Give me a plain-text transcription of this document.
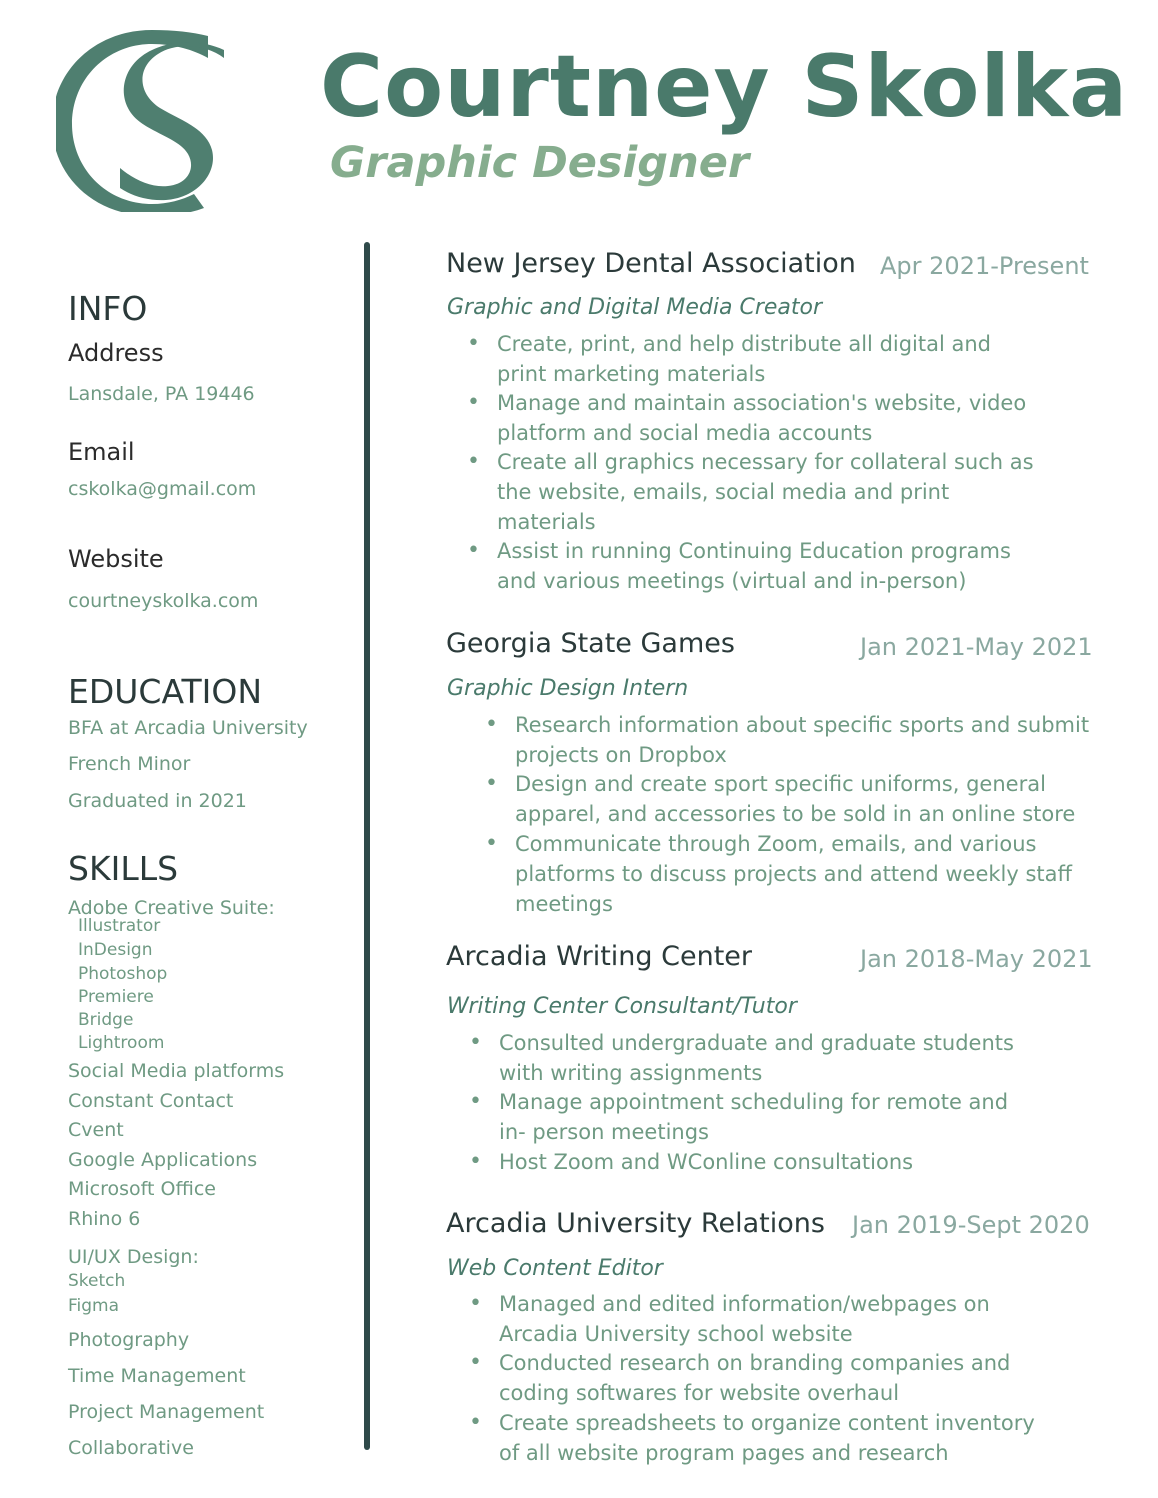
Courtney Skolka
Graphic Designer
INFO
Address
Lansdale, PA 19446
Email
cskolka@gmail.com
Website
courtneyskolka.com
EDUCATION
BFA at Arcadia University
French Minor
Graduated in 2021
SKILLS
Adobe Creative Suite:
Illustrator
InDesign
Photoshop
Premiere
Bridge
Lightroom
Social Media platforms
Constant Contact
Cvent
Google Applications
Microsoft Office
Rhino 6
UI/UX Design:
Sketch
Figma
Photography
Time Management
Project Management
Collaborative
New Jersey Dental Association Apr 2021-Present
Graphic and Digital Media Creator
• Create, print, and help distribute all digital and
print marketing materials
• Manage and maintain association's website, video
platform and social media accounts
• Create all graphics necessary for collateral such as
the website, emails, social media and print
materials
• Assist in running Continuing Education programs
and various meetings (virtual and in-person)
Georgia State Games	Jan 2021-May 2021
Graphic Design Intern
• Research information about specific sports and submit
projects on Dropbox
• Design and create sport specific uniforms, general
apparel, and accessories to be sold in an online store
• Communicate through Zoom, emails, and various
platforms to discuss projects and attend weekly staff
meetings
Arcadia Writing Center	Jan 2018-May 2021
Writing Center Consultant/Tutor
• Consulted undergraduate and graduate students
with writing assignments
• Manage appointment scheduling for remote and
in- person meetings
• Host Zoom and WConline consultations
Arcadia University Relations Jan 2019-Sept 2020
Web Content Editor
• Managed and edited information/webpages on
Arcadia University school website
• Conducted research on branding companies and
coding softwares for website overhaul
• Create spreadsheets to organize content inventory
of all website program pages and research
